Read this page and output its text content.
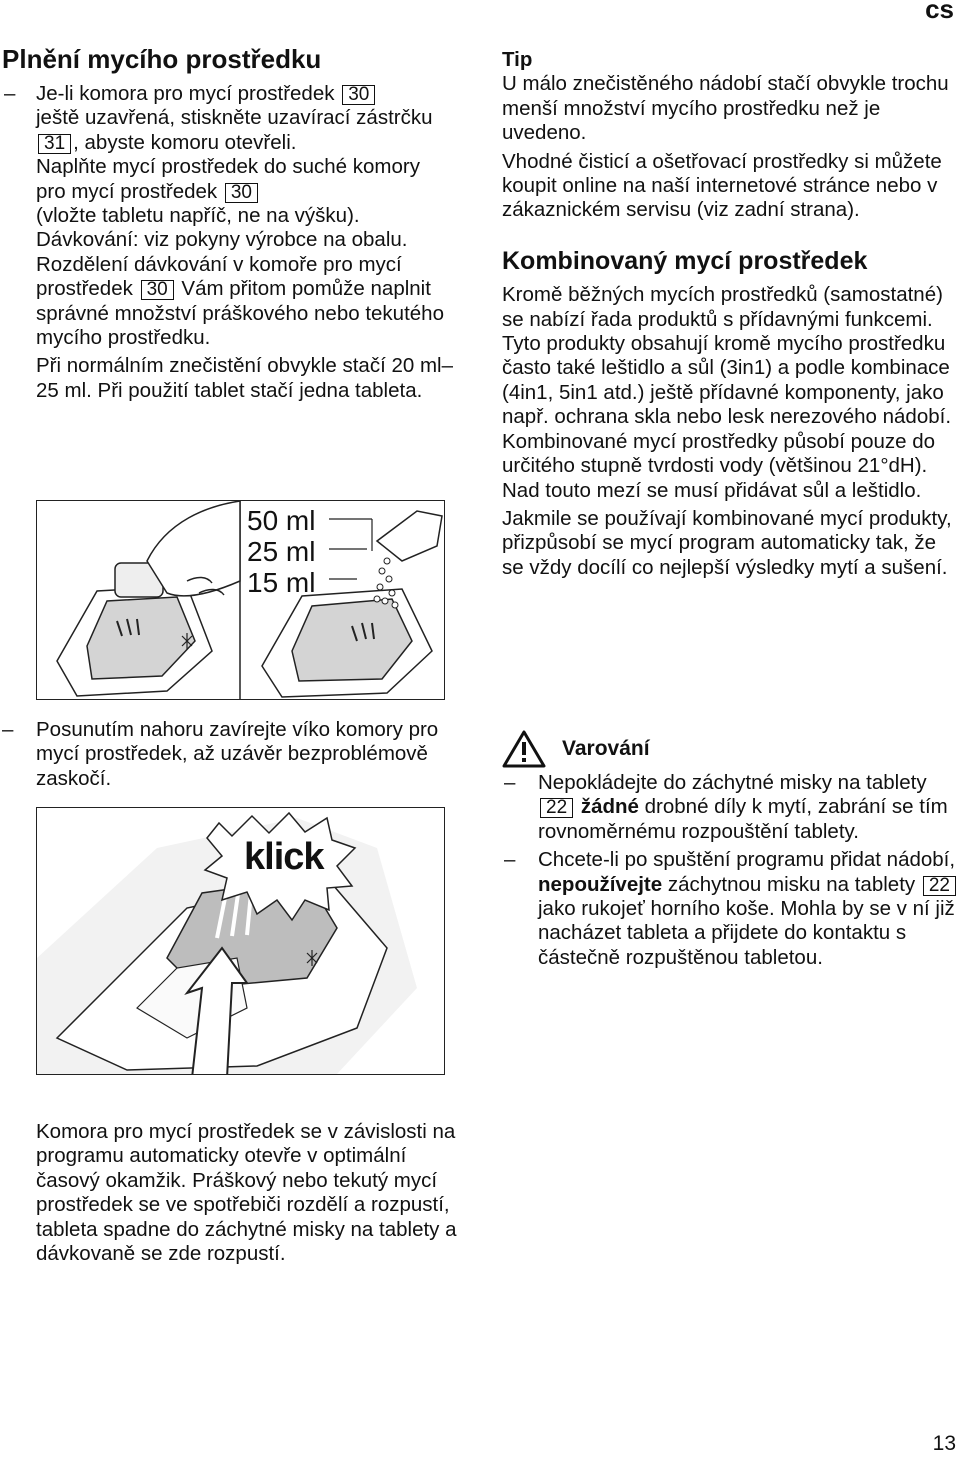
cs
Plnění mycího prostředku

– Je-li komora pro mycí prostředek 30
ještě uzavřená, stiskněte uzavírací zástrčku 31 , abyste komoru otevřeli.

Naplňte mycí prostředek do suché komory pro mycí prostředek 30
(vložte tabletu napříč, ne na výšku).

Dávkování: viz pokyny výrobce na obalu.

Rozdělení dávkování v komoře pro mycí prostředek 30 Vám přitom pomůže naplnit správné množství práškového nebo tekutého mycího prostředku.

Při normálním znečistění obvykle stačí 20 ml–25 ml. Při použití tablet stačí jedna tableta.

50 ml
25 ml
15 ml

– Posunutím nahoru zavírejte víko komory pro mycí prostředek, až uzávěr bezproblémově zaskočí.

klick

Komora pro mycí prostředek se v závislosti na programu automaticky otevře v optimální časový okamžik. Práškový nebo tekutý mycí prostředek se ve spotřebiči rozdělí a rozpustí, tableta spadne do záchytné misky na tablety a dávkovaně se zde rozpustí.

Tip

U málo znečistěného nádobí stačí obvykle trochu menší množství mycího prostředku než je uvedeno.

Vhodné čisticí a ošetřovací prostředky si můžete koupit online na naší internetové stránce nebo v zákaznickém servisu (viz zadní strana).

Kombinovaný mycí prostředek

Kromě běžných mycích prostředků (samostatné) se nabízí řada produktů s přídavnými funkcemi. Tyto produkty obsahují kromě mycího prostředku často také leštidlo a sůl (3in1) a podle kombinace (4in1, 5in1 atd.) ještě přídavné komponenty, jako např. ochrana skla nebo lesk nerezového nádobí. Kombinované mycí prostředky působí pouze do určitého stupně tvrdosti vody (většinou 21°dH). Nad touto mezí se musí přidávat sůl a leštidlo.

Jakmile se používají kombinované mycí produkty, přizpůsobí se mycí program automaticky tak, že se vždy docílí co nejlepší výsledky mytí a sušení.

Varování

– Nepokládejte do záchytné misky na tablety 22 žádné drobné díly k mytí, zabrání se tím rovnoměrnému rozpouštění tablety.

– Chcete-li po spuštění programu přidat nádobí, nepoužívejte záchytnou misku na tablety 22 jako rukojeť horního koše. Mohla by se v ní již nacházet tableta a přijdete do kontaktu s částečně rozpuštěnou tabletou.

13
